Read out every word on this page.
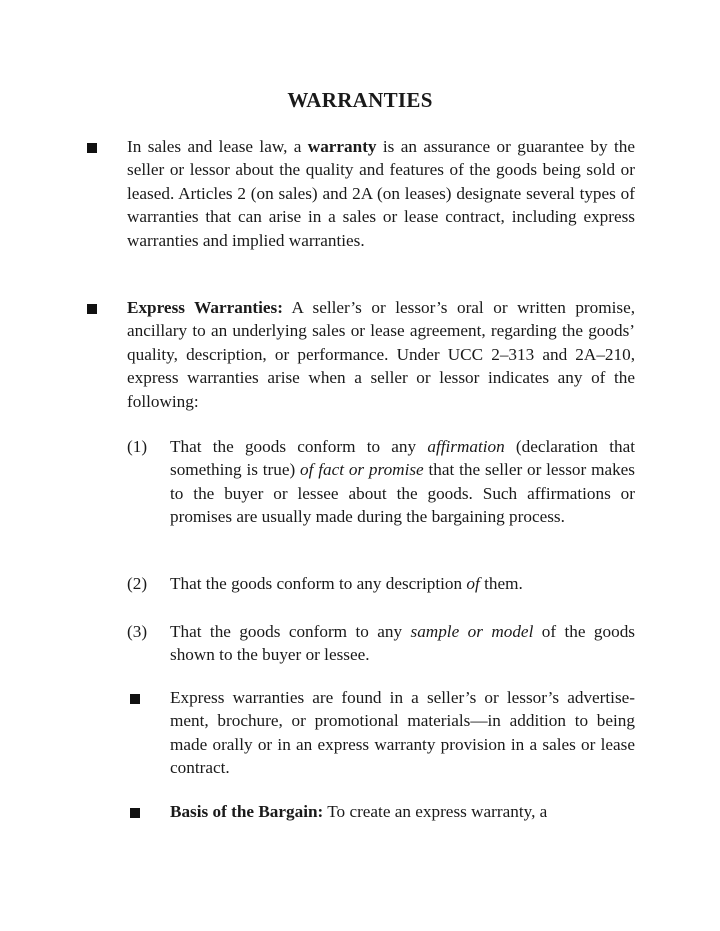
WARRANTIES
In sales and lease law, a warranty is an assurance or guarantee by the seller or lessor about the quality and features of the goods being sold or leased. Articles 2 (on sales) and 2A (on leases) designate several types of warranties that can arise in a sales or lease contract, including express warranties and implied warranties.
Express Warranties: A seller’s or lessor’s oral or written promise, ancillary to an underlying sales or lease agreement, regarding the goods’ quality, description, or performance. Under UCC 2–313 and 2A–210, express warranties arise when a seller or lessor indicates any of the following:
(1) That the goods conform to any affirmation (declaration that something is true) of fact or promise that the seller or lessor makes to the buyer or lessee about the goods. Such affirmations or promises are usually made during the bargaining process.
(2) That the goods conform to any description of them.
(3) That the goods conform to any sample or model of the goods shown to the buyer or lessee.
Express warranties are found in a seller’s or lessor’s advertise-ment, brochure, or promotional materials—in addition to being made orally or in an express warranty provision in a sales or lease contract.
Basis of the Bargain: To create an express warranty, a
